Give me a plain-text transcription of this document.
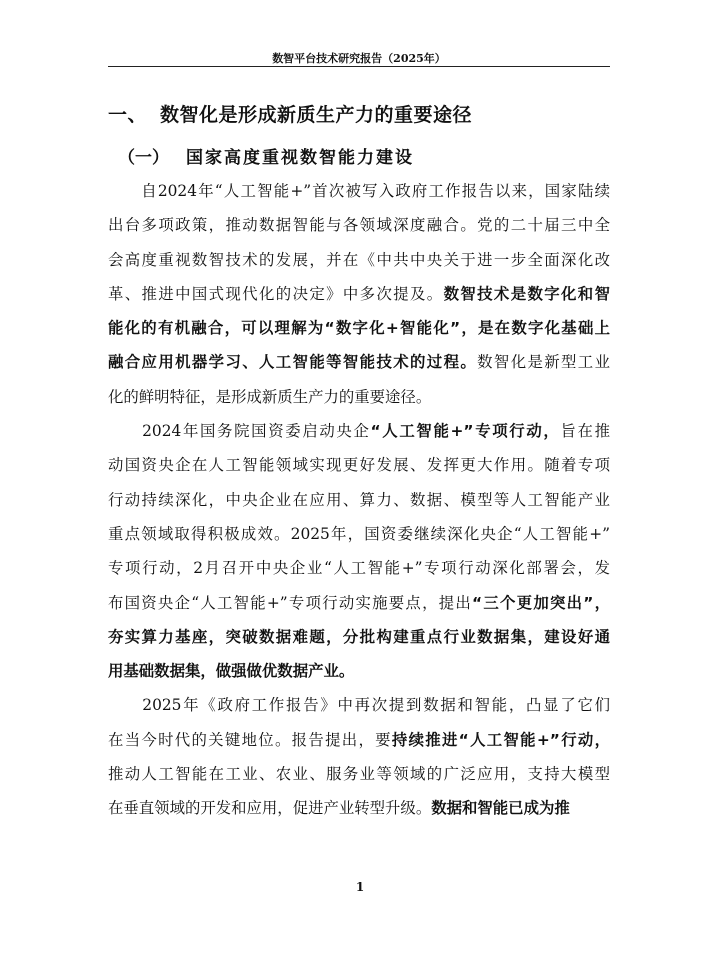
数智平台技术研究报告（2025年）
一、 数智化是形成新质生产力的重要途径
（一） 国家高度重视数智能力建设
　　自2024年“人工智能+”首次被写入政府工作报告以来，国家陆续
出台多项政策，推动数据智能与各领域深度融合。党的二十届三中全
会高度重视数智技术的发展，并在《中共中央关于进一步全面深化改
革、推进中国式现代化的决定》中多次提及。数智技术是数字化和智
能化的有机融合，可以理解为“数字化+智能化”，是在数字化基础上
融合应用机器学习、人工智能等智能技术的过程。数智化是新型工业
化的鲜明特征，是形成新质生产力的重要途径。
　　2024年国务院国资委启动央企“人工智能+”专项行动，旨在推
动国资央企在人工智能领域实现更好发展、发挥更大作用。随着专项
行动持续深化，中央企业在应用、算力、数据、模型等人工智能产业
重点领域取得积极成效。2025年，国资委继续深化央企“人工智能+”
专项行动，2月召开中央企业“人工智能+”专项行动深化部署会，发
布国资央企“人工智能+”专项行动实施要点，提出“三个更加突出”，
夯实算力基座，突破数据难题，分批构建重点行业数据集，建设好通
用基础数据集，做强做优数据产业。
　　2025年《政府工作报告》中再次提到数据和智能，凸显了它们
在当今时代的关键地位。报告提出，要持续推进“人工智能+”行动，
推动人工智能在工业、农业、服务业等领域的广泛应用，支持大模型
在垂直领域的开发和应用，促进产业转型升级。数据和智能已成为推
1
